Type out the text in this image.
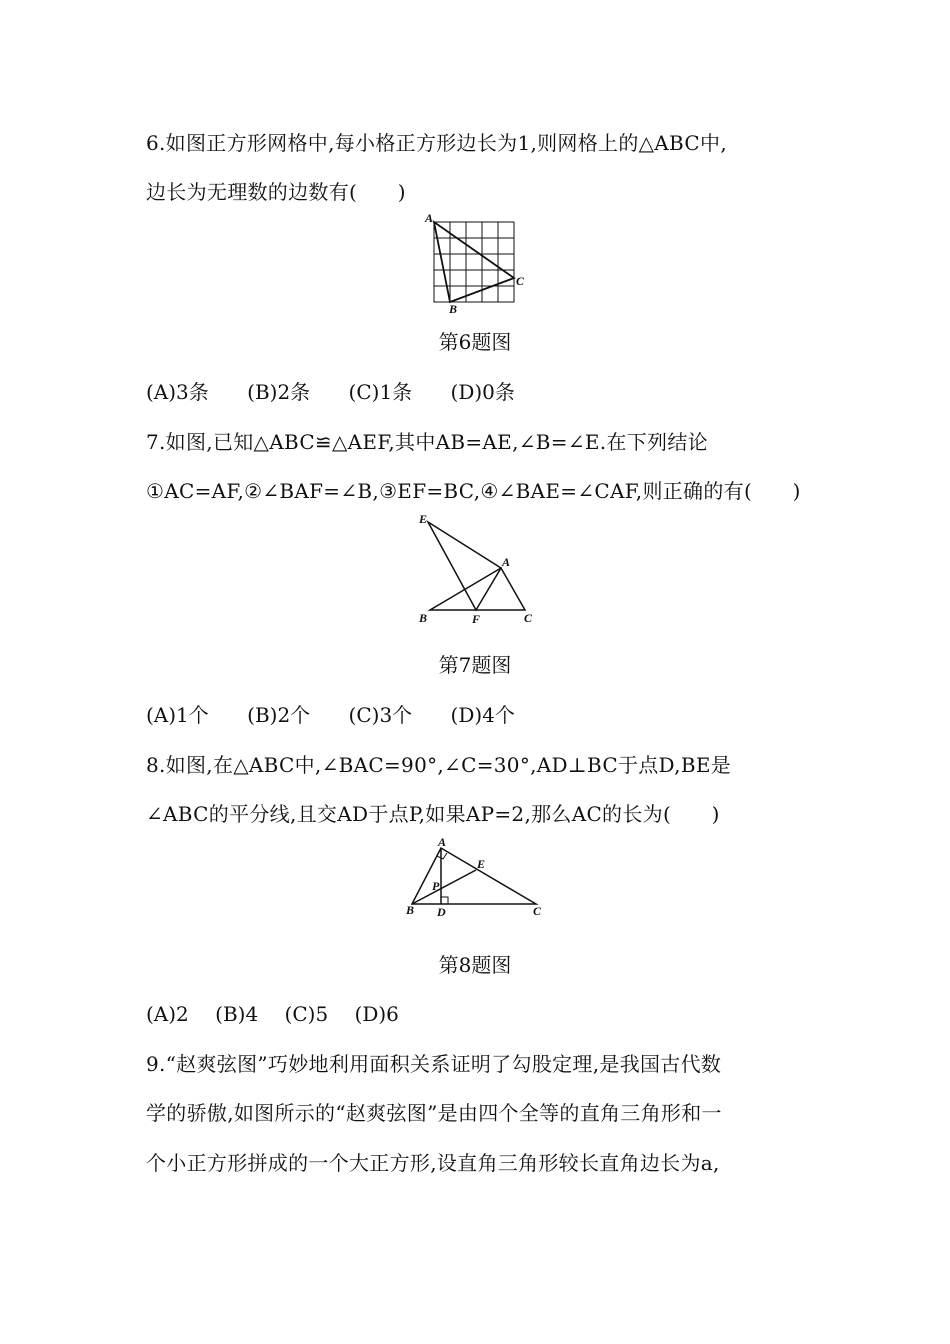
6.如图正方形网格中,每小格正方形边长为1,则网格上的△ABC中,
边长为无理数的边数有(　　)
A
B
C
第6题图
(A)3条 (B)2条 (C)1条 (D)0条
7.如图,已知△ABC≌△AEF,其中AB=AE,∠B=∠E.在下列结论
①AC=AF,②∠BAF=∠B,③EF=BC,④∠BAE=∠CAF,则正确的有(　　)
E
A
B	F	C
第7题图
(A)1个 (B)2个 (C)3个 (D)4个
8.如图,在△ABC中,∠BAC=90°,∠C=30°,AD⊥BC于点D,BE是
∠ABC的平分线,且交AD于点P,如果AP=2,那么AC的长为(　　)
A
E
P
B D	C
第8题图
(A)2 (B)4 (C)5 (D)6
9.“赵爽弦图”巧妙地利用面积关系证明了勾股定理,是我国古代数
学的骄傲,如图所示的“赵爽弦图”是由四个全等的直角三角形和一
个小正方形拼成的一个大正方形,设直角三角形较长直角边长为a,
